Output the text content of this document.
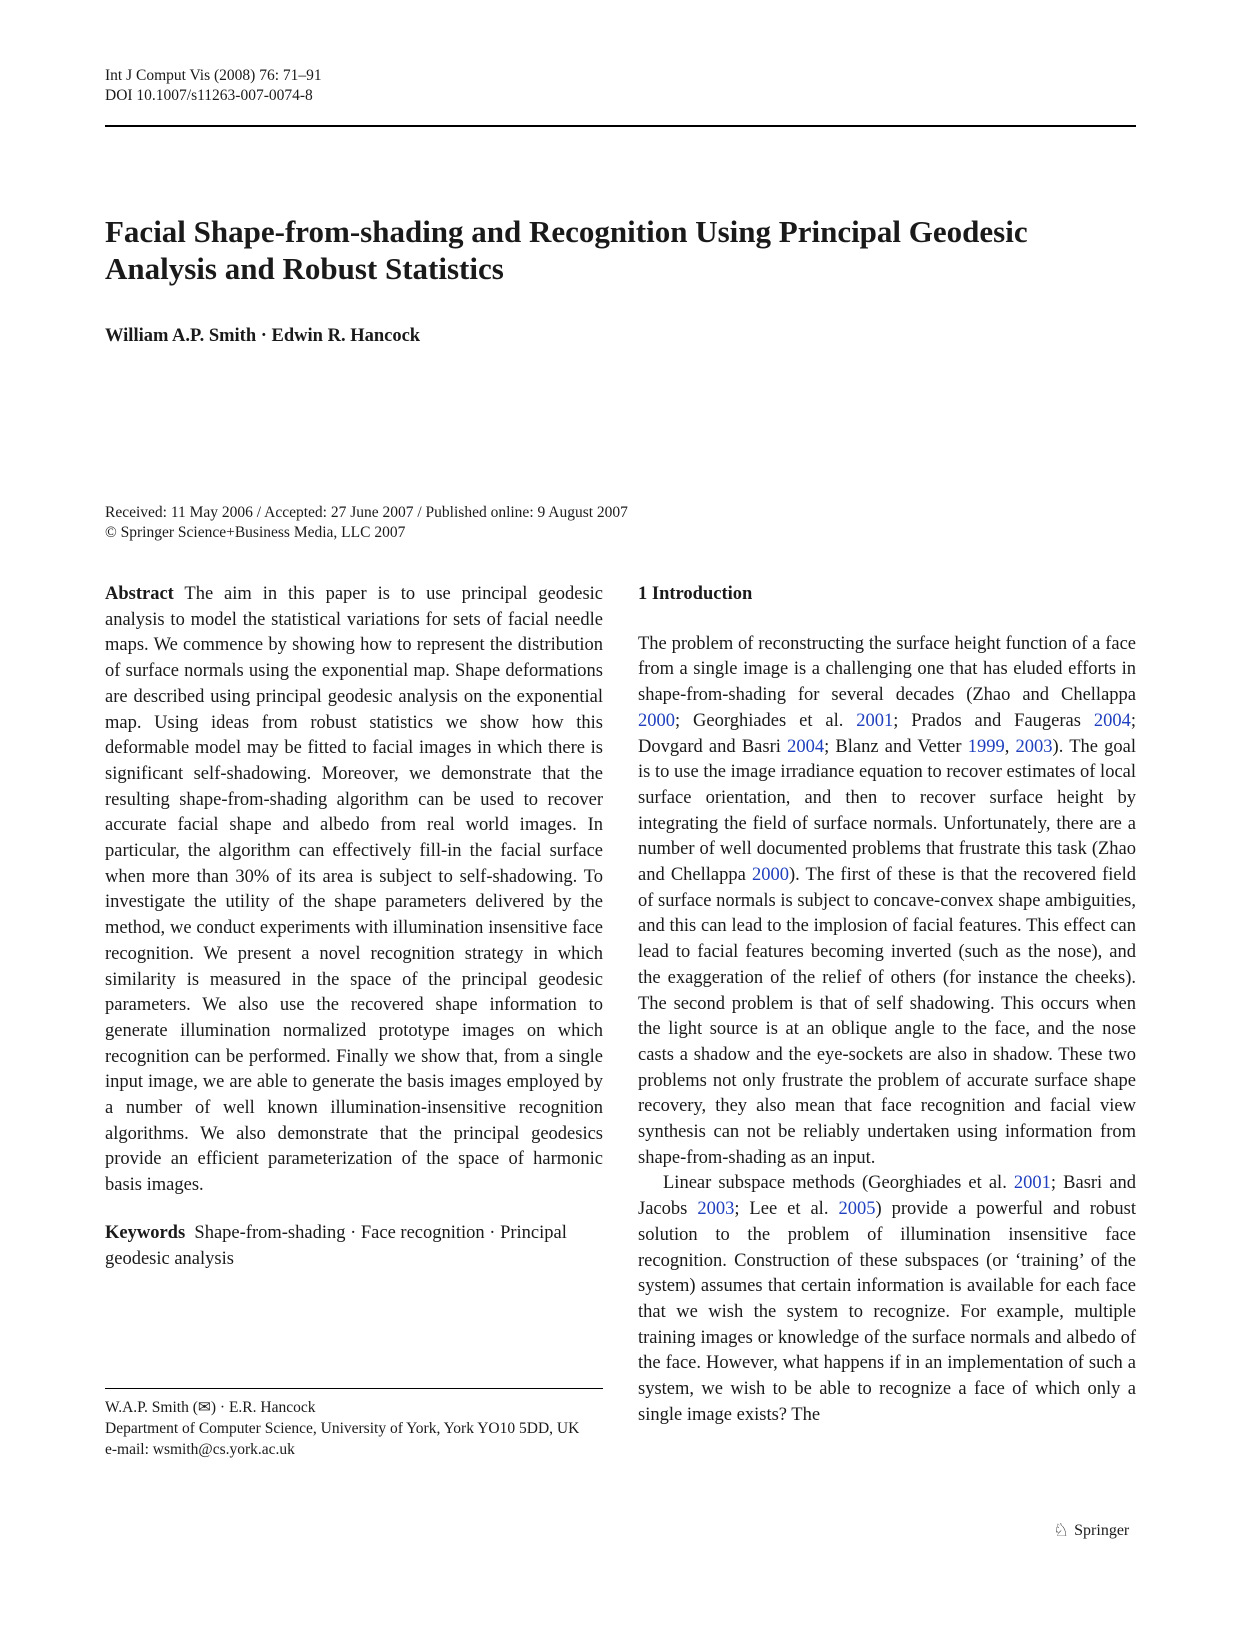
Int J Comput Vis (2008) 76: 71–91
DOI 10.1007/s11263-007-0074-8
Facial Shape-from-shading and Recognition Using Principal Geodesic Analysis and Robust Statistics
William A.P. Smith · Edwin R. Hancock
Received: 11 May 2006 / Accepted: 27 June 2007 / Published online: 9 August 2007
© Springer Science+Business Media, LLC 2007

Abstract The aim in this paper is to use principal geodesic analysis to model the statistical variations for sets of facial needle maps. We commence by showing how to represent the distribution of surface normals using the exponential map. Shape deformations are described using principal geodesic analysis on the exponential map. Using ideas from robust statistics we show how this deformable model may be fitted to facial images in which there is significant self-shadowing. Moreover, we demonstrate that the resulting shape-from-shading algorithm can be used to recover accurate facial shape and albedo from real world images. In particular, the algorithm can effectively fill-in the facial surface when more than 30% of its area is subject to self-shadowing. To investigate the utility of the shape parameters delivered by the method, we conduct experiments with illumination insensitive face recognition. We present a novel recognition strategy in which similarity is measured in the space of the principal geodesic parameters. We also use the recovered shape information to generate illumination normalized prototype images on which recognition can be performed. Finally we show that, from a single input image, we are able to generate the basis images employed by a number of well known illumination-insensitive recognition algorithms. We also demonstrate that the principal geodesics provide an efficient parameterization of the space of harmonic basis images.

Keywords Shape-from-shading · Face recognition · Principal geodesic analysis

W.A.P. Smith (✉) · E.R. Hancock
Department of Computer Science, University of York, York YO10 5DD, UK
e-mail: wsmith@cs.york.ac.uk

1 Introduction

The problem of reconstructing the surface height function of a face from a single image is a challenging one that has eluded efforts in shape-from-shading for several decades (Zhao and Chellappa 2000; Georghiades et al. 2001; Prados and Faugeras 2004; Dovgard and Basri 2004; Blanz and Vetter 1999, 2003). The goal is to use the image irradiance equation to recover estimates of local surface orientation, and then to recover surface height by integrating the field of surface normals. Unfortunately, there are a number of well documented problems that frustrate this task (Zhao and Chellappa 2000). The first of these is that the recovered field of surface normals is subject to concave-convex shape ambiguities, and this can lead to the implosion of facial features. This effect can lead to facial features becoming inverted (such as the nose), and the exaggeration of the relief of others (for instance the cheeks). The second problem is that of self shadowing. This occurs when the light source is at an oblique angle to the face, and the nose casts a shadow and the eye-sockets are also in shadow. These two problems not only frustrate the problem of accurate surface shape recovery, they also mean that face recognition and facial view synthesis can not be reliably undertaken using information from shape-from-shading as an input.

Linear subspace methods (Georghiades et al. 2001; Basri and Jacobs 2003; Lee et al. 2005) provide a powerful and robust solution to the problem of illumination insensitive face recognition. Construction of these subspaces (or ‘training’ of the system) assumes that certain information is available for each face that we wish the system to recognize. For example, multiple training images or knowledge of the surface normals and albedo of the face. However, what happens if in an implementation of such a system, we wish to be able to recognize a face of which only a single image exists? The

♘ Springer
